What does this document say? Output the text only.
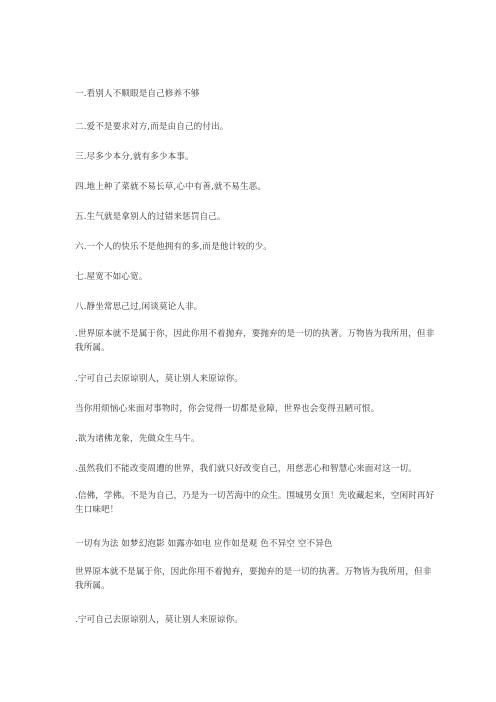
一.看别人不顺眼是自己修养不够
二.爱不是要求对方,而是由自己的付出。
三.尽多少本分,就有多少本事。
四.地上种了菜就不易长草,心中有善,就不易生恶。
五.生气就是拿别人的过错来惩罚自己。
六.一个人的快乐不是他拥有的多,而是他计较的少。
七.屋宽不如心宽。
八.静坐常思己过,闲谈莫论人非。
.世界原本就不是属于你，因此你用不着抛弃，要抛弃的是一切的执著。万物皆为我所用，但非我所属。
.宁可自己去原谅别人，莫让别人来原谅你。
当你用烦恼心来面对事物时，你会觉得一切都是业障，世界也会变得丑陋可恨。
.欲为诸佛龙象，先做众生马牛。
.虽然我们不能改变周遭的世界，我们就只好改变自己，用慈悲心和智慧心来面对这一切。
.信佛，学佛。不是为自己，乃是为一切苦海中的众生。围城男女顶！先收藏起来，空闲时再好生口味吧！
一切有为法 如梦幻泡影 如露亦如电 应作如是观 色不异空 空不异色
世界原本就不是属于你，因此你用不着抛弃，要抛弃的是一切的执著。万物皆为我所用，但非我所属。
.宁可自己去原谅别人，莫让别人来原谅你。
